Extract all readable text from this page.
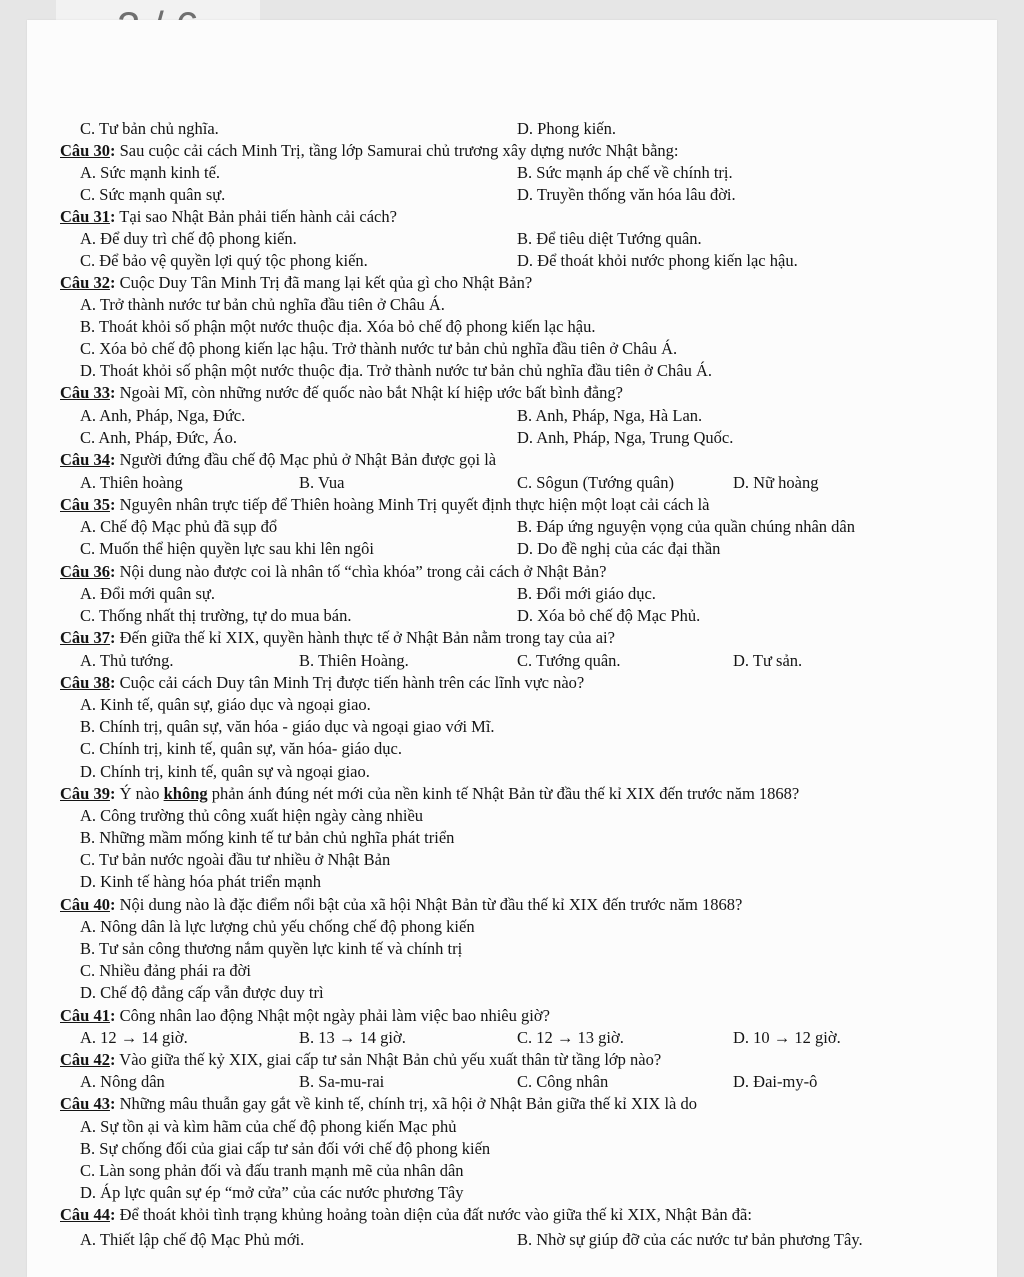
C. Tư bản chủ nghĩa.	D. Phong kiến.
Câu 30: Sau cuộc cải cách Minh Trị, tầng lớp Samurai chủ trương xây dựng nước Nhật bằng:
A. Sức mạnh kinh tế.	B. Sức mạnh áp chế về chính trị.
C. Sức mạnh quân sự.	D. Truyền thống văn hóa lâu đời.
Câu 31: Tại sao Nhật Bản phải tiến hành cải cách?
A. Để duy trì chế độ phong kiến.	B. Để tiêu diệt Tướng quân.
C. Để bảo vệ quyền lợi quý tộc phong kiến.	D. Để thoát khỏi nước phong kiến lạc hậu.
Câu 32: Cuộc Duy Tân Minh Trị đã mang lại kết qủa gì cho Nhật Bản?
A. Trở thành nước tư bản chủ nghĩa đầu tiên ở Châu Á.
B. Thoát khỏi số phận một nước thuộc địa. Xóa bỏ chế độ phong kiến lạc hậu.
C. Xóa bỏ chế độ phong kiến lạc hậu. Trở thành nước tư bản chủ nghĩa đầu tiên ở Châu Á.
D. Thoát khỏi số phận một nước thuộc địa. Trở thành nước tư bản chủ nghĩa đầu tiên ở Châu Á.
Câu 33: Ngoài Mĩ, còn những nước đế quốc nào bắt Nhật kí hiệp ước bất bình đẳng?
A. Anh, Pháp, Nga, Đức.	B. Anh, Pháp, Nga, Hà Lan.
C. Anh, Pháp, Đức, Áo.	D. Anh, Pháp, Nga, Trung Quốc.
Câu 34: Người đứng đầu chế độ Mạc phủ ở Nhật Bản được gọi là
A. Thiên hoàng	B. Vua	C. Sôgun (Tướng quân)	D. Nữ hoàng
Câu 35: Nguyên nhân trực tiếp để Thiên hoàng Minh Trị quyết định thực hiện một loạt cải cách là
A. Chế độ Mạc phủ đã sụp đổ	B. Đáp ứng nguyện vọng của quần chúng nhân dân
C. Muốn thể hiện quyền lực sau khi lên ngôi	D. Do đề nghị của các đại thần
Câu 36: Nội dung nào được coi là nhân tố “chìa khóa” trong cải cách ở Nhật Bản?
A. Đổi mới quân sự.	B. Đổi mới giáo dục.
C. Thống nhất thị trường, tự do mua bán.	D. Xóa bỏ chế độ Mạc Phủ.
Câu 37: Đến giữa thế kỉ XIX, quyền hành thực tế ở Nhật Bản nằm trong tay của ai?
A. Thủ tướng.	B. Thiên Hoàng.	C. Tướng quân.	D. Tư sản.
Câu 38: Cuộc cải cách Duy tân Minh Trị được tiến hành trên các lĩnh vực nào?
A. Kinh tế, quân sự, giáo dục và ngoại giao.
B. Chính trị, quân sự, văn hóa - giáo dục và ngoại giao với Mĩ.
C. Chính trị, kinh tế, quân sự, văn hóa- giáo dục.
D. Chính trị, kinh tế, quân sự và ngoại giao.
Câu 39: Ý nào không phản ánh đúng nét mới của nền kinh tế Nhật Bản từ đầu thế kỉ XIX đến trước năm 1868?
A. Công trường thủ công xuất hiện ngày càng nhiều
B. Những mầm mống kinh tế tư bản chủ nghĩa phát triển
C. Tư bản nước ngoài đầu tư nhiều ở Nhật Bản
D. Kinh tế hàng hóa phát triển mạnh
Câu 40: Nội dung nào là đặc điểm nổi bật của xã hội Nhật Bản từ đầu thế kỉ XIX đến trước năm 1868?
A. Nông dân là lực lượng chủ yếu chống chế độ phong kiến
B. Tư sản công thương nắm quyền lực kinh tế và chính trị
C. Nhiều đảng phái ra đời
D. Chế độ đẳng cấp vẫn được duy trì
Câu 41: Công nhân lao động Nhật một ngày phải làm việc bao nhiêu giờ?
A. 12 → 14 giờ.	B. 13 → 14 giờ.	C. 12 → 13 giờ.	D. 10 → 12 giờ.
Câu 42: Vào giữa thế kỷ XIX, giai cấp tư sản Nhật Bản chủ yếu xuất thân từ tầng lớp nào?
A. Nông dân	B. Sa-mu-rai	C. Công nhân	D. Đai-my-ô
Câu 43: Những mâu thuẫn gay gắt về kinh tế, chính trị, xã hội ở Nhật Bản giữa thế kỉ XIX là do
A. Sự tồn ại và kìm hãm của chế độ phong kiến Mạc phủ
B. Sự chống đối của giai cấp tư sản đối với chế độ phong kiến
C. Làn song phản đối và đấu tranh mạnh mẽ của nhân dân
D. Áp lực quân sự ép “mở cửa” của các nước phương Tây
Câu 44: Để thoát khỏi tình trạng khủng hoảng toàn diện của đất nước vào giữa thế kỉ XIX, Nhật Bản đã:
A. Thiết lập chế độ Mạc Phủ mới.	B. Nhờ sự giúp đỡ của các nước tư bản phương Tây.
